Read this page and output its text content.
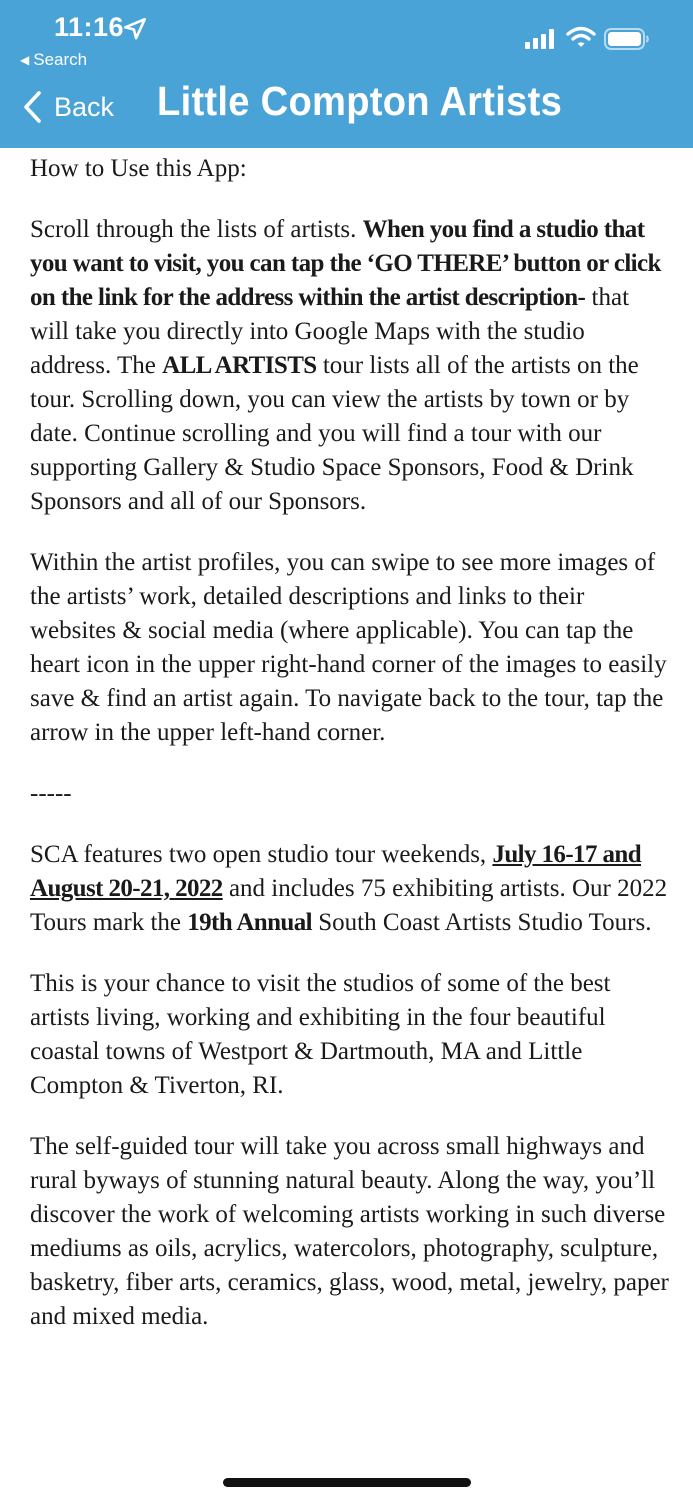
11:16
◀ Search
Back Little Compton Artists

How to Use this App:

Scroll through the lists of artists. When you find a studio that you want to visit, you can tap the ‘GO THERE’ button or click on the link for the address within the artist description- that will take you directly into Google Maps with the studio address. The ALL ARTISTS tour lists all of the artists on the tour. Scrolling down, you can view the artists by town or by date. Continue scrolling and you will find a tour with our supporting Gallery & Studio Space Sponsors, Food & Drink Sponsors and all of our Sponsors.

Within the artist profiles, you can swipe to see more images of the artists’ work, detailed descriptions and links to their websites & social media (where applicable). You can tap the heart icon in the upper right-hand corner of the images to easily save & find an artist again. To navigate back to the tour, tap the arrow in the upper left-hand corner.

-----

SCA features two open studio tour weekends, July 16-17 and August 20-21, 2022 and includes 75 exhibiting artists. Our 2022 Tours mark the 19th Annual South Coast Artists Studio Tours.

This is your chance to visit the studios of some of the best artists living, working and exhibiting in the four beautiful coastal towns of Westport & Dartmouth, MA and Little Compton & Tiverton, RI.

The self-guided tour will take you across small highways and rural byways of stunning natural beauty. Along the way, you’ll discover the work of welcoming artists working in such diverse mediums as oils, acrylics, watercolors, photography, sculpture, basketry, fiber arts, ceramics, glass, wood, metal, jewelry, paper and mixed media.
